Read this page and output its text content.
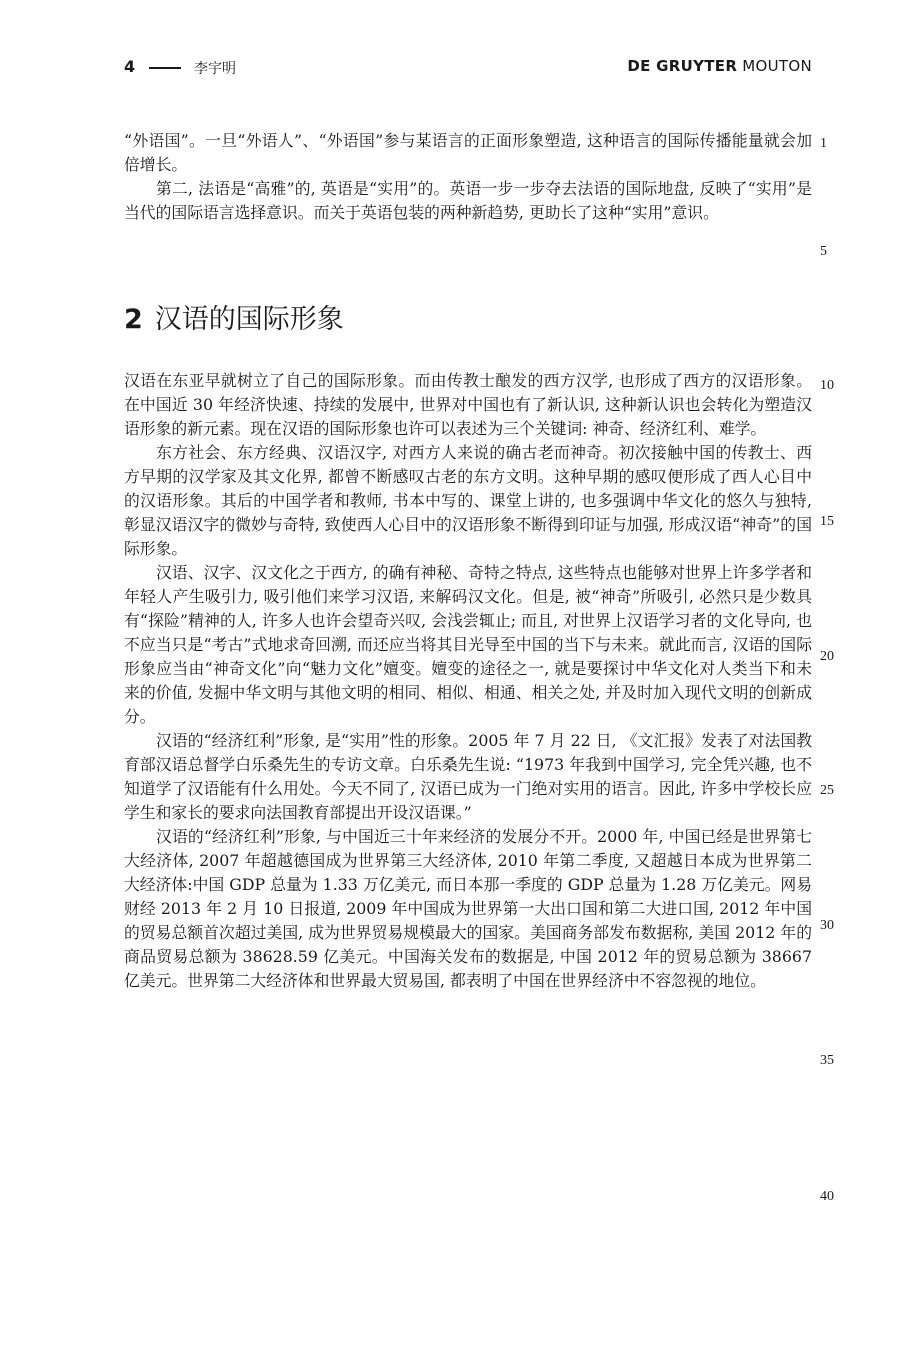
4	李宇明	DE GRUYTER MOUTON

“外语国”。一旦“外语人”、“外语国”参与某语言的正面形象塑造, 这种语言的国际传播能量就会加倍增长。

第二, 法语是“高雅”的, 英语是“实用”的。英语一步一步夺去法语的国际地盘, 反映了“实用”是当代的国际语言选择意识。而关于英语包装的两种新趋势, 更助长了这种“实用”意识。

2 汉语的国际形象

汉语在东亚早就树立了自己的国际形象。而由传教士酿发的西方汉学, 也形成了西方的汉语形象。在中国近 30 年经济快速、持续的发展中, 世界对中国也有了新认识, 这种新认识也会转化为塑造汉语形象的新元素。现在汉语的国际形象也许可以表述为三个关键词: 神奇、经济红利、难学。

东方社会、东方经典、汉语汉字, 对西方人来说的确古老而神奇。初次接触中国的传教士、西方早期的汉学家及其文化界, 都曾不断感叹古老的东方文明。这种早期的感叹便形成了西人心目中的汉语形象。其后的中国学者和教师, 书本中写的、课堂上讲的, 也多强调中华文化的悠久与独特, 彰显汉语汉字的微妙与奇特, 致使西人心目中的汉语形象不断得到印证与加强, 形成汉语“神奇”的国际形象。

汉语、汉字、汉文化之于西方, 的确有神秘、奇特之特点, 这些特点也能够对世界上许多学者和年轻人产生吸引力, 吸引他们来学习汉语, 来解码汉文化。但是, 被“神奇”所吸引, 必然只是少数具有“探险”精神的人, 许多人也许会望奇兴叹, 会浅尝辄止; 而且, 对世界上汉语学习者的文化导向, 也不应当只是“考古”式地求奇回溯, 而还应当将其目光导至中国的当下与未来。就此而言, 汉语的国际形象应当由“神奇文化”向“魅力文化”嬗变。嬗变的途径之一, 就是要探讨中华文化对人类当下和未来的价值, 发掘中华文明与其他文明的相同、相似、相通、相关之处, 并及时加入现代文明的创新成分。

汉语的“经济红利”形象, 是“实用”性的形象。2005 年 7 月 22 日, 《文汇报》发表了对法国教育部汉语总督学白乐桑先生的专访文章。白乐桑先生说: “1973 年我到中国学习, 完全凭兴趣, 也不知道学了汉语能有什么用处。今天不同了, 汉语已成为一门绝对实用的语言。因此, 许多中学校长应学生和家长的要求向法国教育部提出开设汉语课。”

汉语的“经济红利”形象, 与中国近三十年来经济的发展分不开。2000 年, 中国已经是世界第七大经济体, 2007 年超越德国成为世界第三大经济体, 2010 年第二季度, 又超越日本成为世界第二大经济体:中国 GDP 总量为 1.33 万亿美元, 而日本那一季度的 GDP 总量为 1.28 万亿美元。网易财经 2013 年 2 月 10 日报道, 2009 年中国成为世界第一大出口国和第二大进口国, 2012 年中国的贸易总额首次超过美国, 成为世界贸易规模最大的国家。美国商务部发布数据称, 美国 2012 年的商品贸易总额为 38628.59 亿美元。中国海关发布的数据是, 中国 2012 年的贸易总额为 38667 亿美元。世界第二大经济体和世界最大贸易国, 都表明了中国在世界经济中不容忽视的地位。

1
5
10
15
20
25
30
35
40
